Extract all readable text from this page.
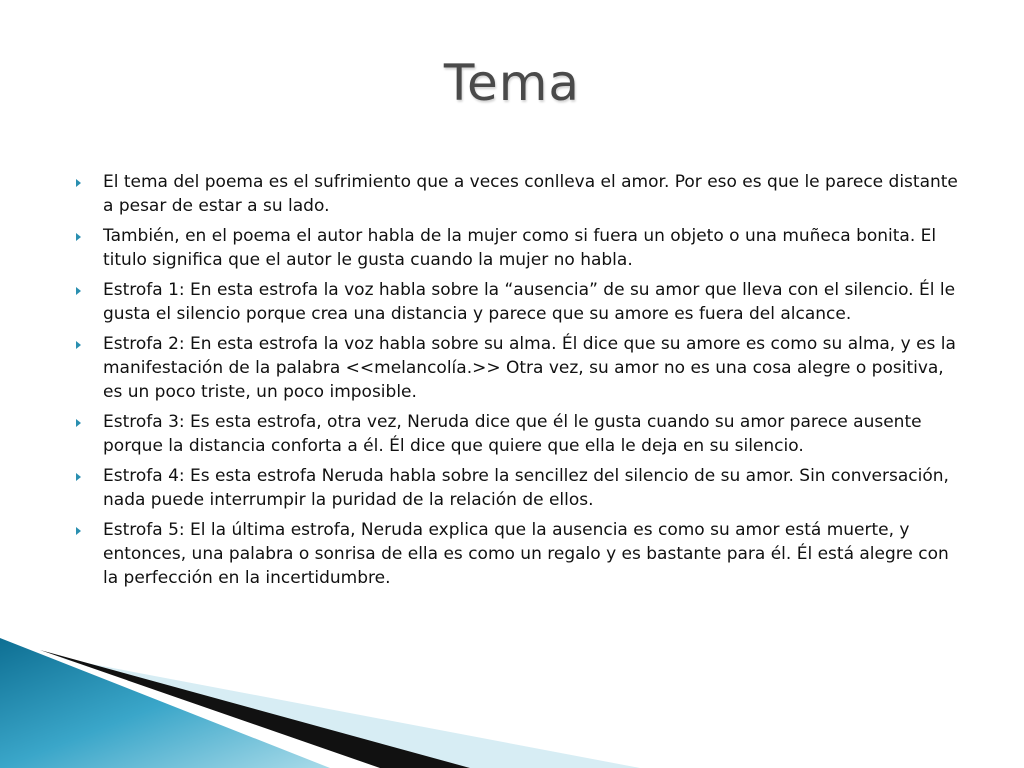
Tema
El tema del poema es el sufrimiento que a veces conlleva el amor. Por eso es que le parece distante a pesar de estar a su lado.
También, en el poema el autor habla de la mujer como si fuera un objeto o una muñeca bonita. El titulo significa que el autor le gusta cuando la mujer no habla.
Estrofa 1: En esta estrofa la voz habla sobre la “ausencia” de su amor que lleva con el silencio. Él le gusta el silencio porque crea una distancia y parece que su amore es fuera del alcance.
Estrofa 2: En esta estrofa la voz habla sobre su alma. Él dice que su amore es como su alma, y es la manifestación de la palabra <<melancolía.>> Otra vez, su amor no es una cosa alegre o positiva, es un poco triste, un poco imposible.
Estrofa 3: Es esta estrofa, otra vez, Neruda dice que él le gusta cuando su amor parece ausente porque la distancia conforta a él. Él dice que quiere que ella le deja en su silencio.
Estrofa 4: Es esta estrofa Neruda habla sobre la sencillez del silencio de su amor. Sin conversación, nada puede interrumpir la puridad de la relación de ellos.
Estrofa 5: El la última estrofa, Neruda explica que la ausencia es como su amor está muerte, y entonces, una palabra o sonrisa de ella es como un regalo y es bastante para él. Él está alegre con la perfección en la incertidumbre.
